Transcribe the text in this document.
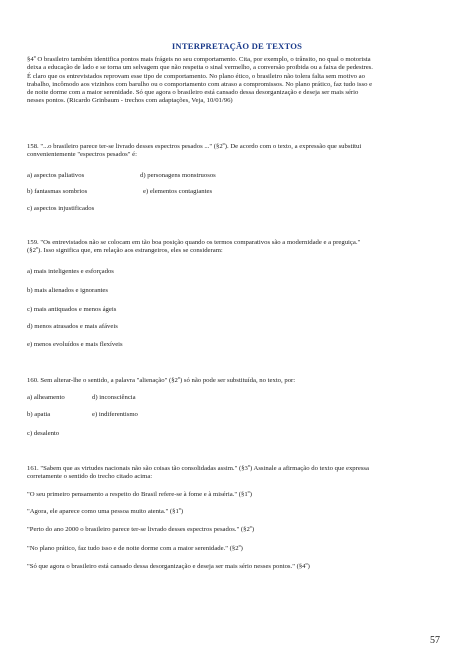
INTERPRETAÇÃO DE TEXTOS
§4º O brasileiro também identifica pontos mais frágeis no seu comportamento. Cita, por exemplo, o trânsito, no qual o motorista
deixa a educação de lado e se torna um selvagem que não respeita o sinal vermelho, a conversão proibida ou a faixa de pedestres.
É claro que os entrevistados reprovam esse tipo de comportamento. No plano ético, o brasileiro não tolera falta sem motivo ao
trabalho, incômodo aos vizinhos com barulho ou o comportamento com atraso a compromissos. No plano prático, faz tudo isso e
de noite dorme com a maior serenidade. Só que agora o brasileiro está cansado dessa desorganização e deseja ser mais sério
nesses pontos. (Ricardo Grinbaum - trechos com adaptações, Veja, 10/01/96)
158. "...o brasileiro parece ter-se livrado desses espectros pesados ..." (§2º). De acordo com o texto, a expressão que substitui
convenientemente "espectros pesados" é:
a) aspectos paliativos	d) personagens monstruosos
b) fantasmas sombrios	e) elementos contagiantes
c) aspectos injustificados
159. "Os entrevistados não se colocam em tão boa posição quando os termos comparativos são a modernidade e a preguiça."
(§2º). Isso significa que, em relação aos estrangeiros, eles se consideram:
a) mais inteligentes e esforçados
b) mais alienados e ignorantes
c) mais antiquados e menos ágeis
d) menos atrasados e mais afáveis
e) menos evoluídos e mais flexíveis
160. Sem alterar-lhe o sentido, a palavra "alienação" (§2º) só não pode ser substituída, no texto, por:
a) alheamento	d) inconsciência
b) apatia	e) indiferentismo
c) desalento
161. "Sabem que as virtudes nacionais não são coisas tão consolidadas assim." (§3º) Assinale a afirmação do texto que expressa
corretamente o sentido do trecho citado acima:
"O seu primeiro pensamento a respeito do Brasil refere-se à fome e à miséria." (§1º)
"Agora, ele aparece como uma pessoa muito atenta." (§1º)
"Perto do ano 2000 o brasileiro parece ter-se livrado desses espectros pesados." (§2º)
"No plano prático, faz tudo isso e de noite dorme com a maior serenidade." (§2º)
"Só que agora o brasileiro está cansado dessa desorganização e deseja ser mais sério nesses pontos." (§4º)
57
